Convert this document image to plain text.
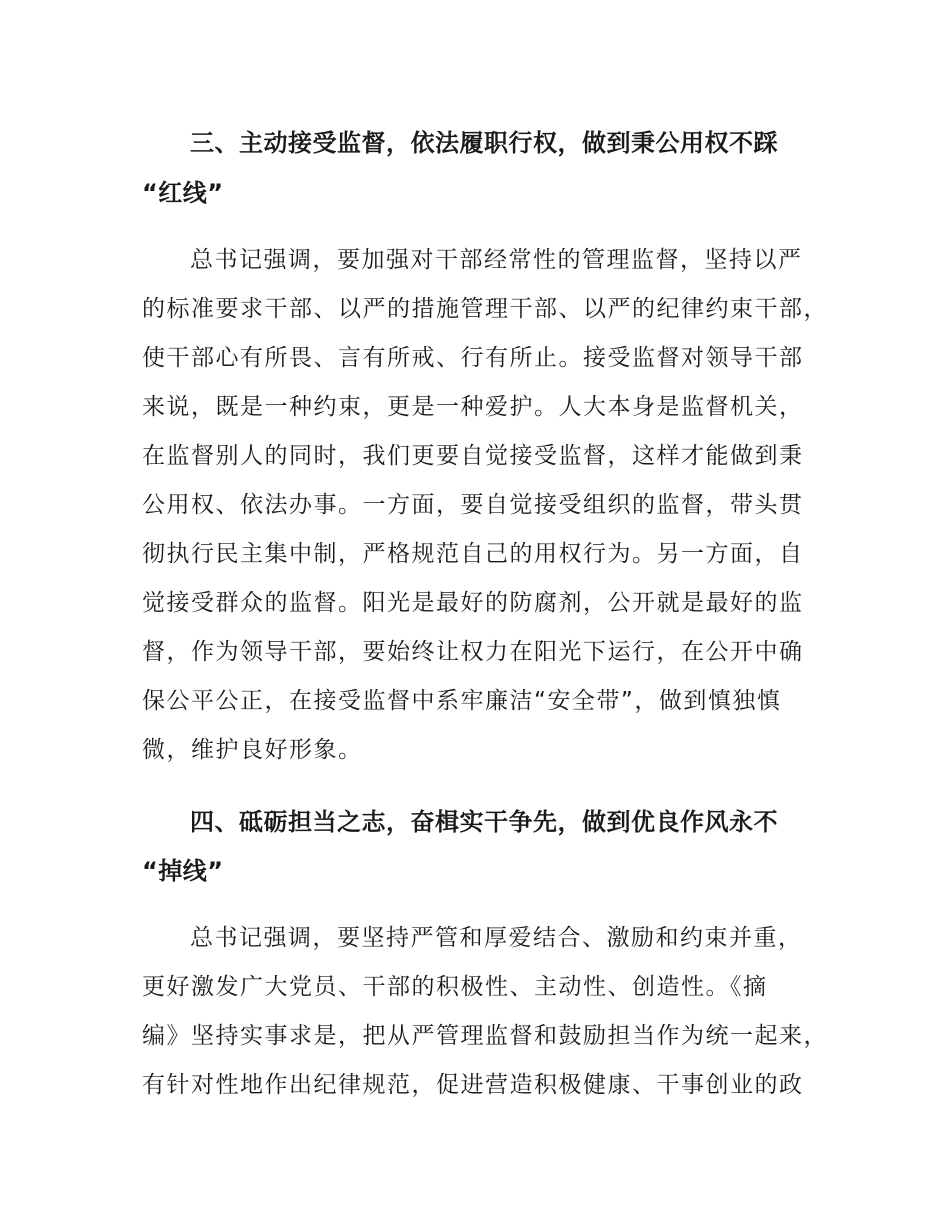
三、主动接受监督，依法履职行权，做到秉公用权不踩

“红线”

总书记强调，要加强对干部经常性的管理监督，坚持以严

的标准要求干部、以严的措施管理干部、以严的纪律约束干部，

使干部心有所畏、言有所戒、行有所止。接受监督对领导干部

来说，既是一种约束，更是一种爱护。人大本身是监督机关，

在监督别人的同时，我们更要自觉接受监督，这样才能做到秉

公用权、依法办事。一方面，要自觉接受组织的监督，带头贯

彻执行民主集中制，严格规范自己的用权行为。另一方面，自

觉接受群众的监督。阳光是最好的防腐剂，公开就是最好的监

督，作为领导干部，要始终让权力在阳光下运行，在公开中确

保公平公正，在接受监督中系牢廉洁“安全带”，做到慎独慎

微，维护良好形象。

四、砥砺担当之志，奋楫实干争先，做到优良作风永不

“掉线”

总书记强调，要坚持严管和厚爱结合、激励和约束并重，

更好激发广大党员、干部的积极性、主动性、创造性。《摘

编》坚持实事求是，把从严管理监督和鼓励担当作为统一起来，

有针对性地作出纪律规范，促进营造积极健康、干事创业的政
